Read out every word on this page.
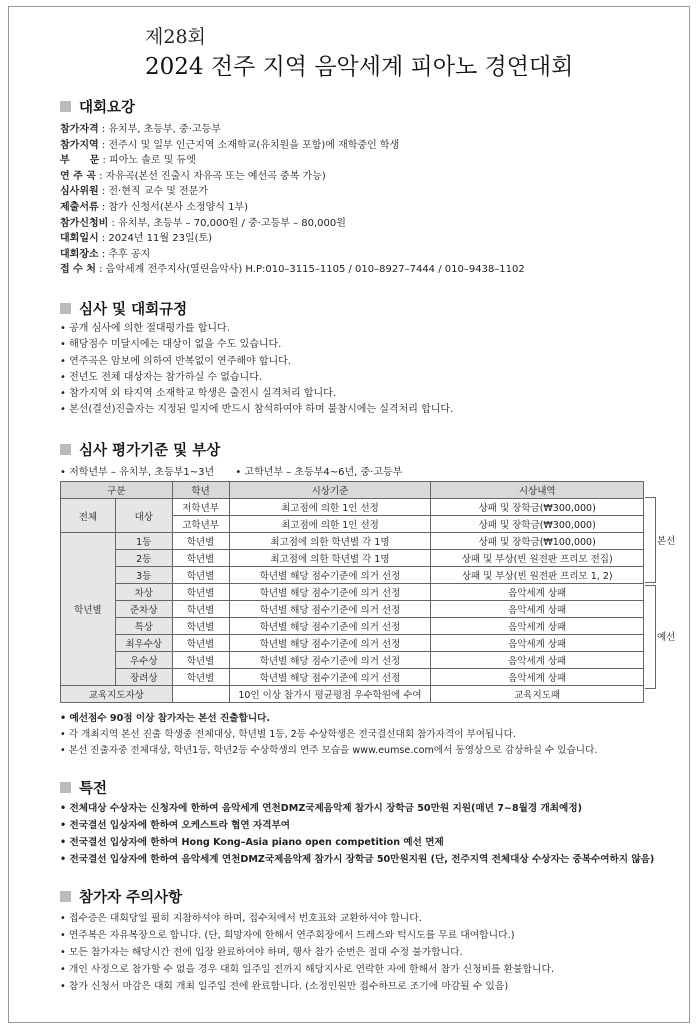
제28회
2024 전주 지역 음악세계 피아노 경연대회
대회요강
참가자격 : 유치부, 초등부, 중·고등부
참가지역 : 전주시 및 일부 인근지역 소재학교(유치원을 포함)에 재학중인 학생
부　　문 : 피아노 솔로 및 듀엣
연 주 곡 : 자유곡(본선 진출시 자유곡 또는 예선곡 중복 가능)
심사위원 : 전·현직 교수 및 전문가
제출서류 : 참가 신청서(본사 소정양식 1부)
참가신청비 : 유치부, 초등부 – 70,000원 / 중·고등부 – 80,000원
대회일시 : 2024년 11월 23일(토)
대회장소 : 추후 공지
접 수 처 : 음악세계 전주지사(열린음악사) H.P:010–3115–1105 / 010–8927–7444 / 010–9438–1102
심사 및 대회규정
• 공개 심사에 의한 절대평가를 합니다.
• 해당점수 미달시에는 대상이 없을 수도 있습니다.
• 연주곡은 암보에 의하여 반복없이 연주해야 합니다.
• 전년도 전체 대상자는 참가하실 수 없습니다.
• 참가지역 외 타지역 소재학교 학생은 출전시 실격처리 합니다.
• 본선(결선)진출자는 지정된 일지에 반드시 참석하여야 하며 불참시에는 실격처리 합니다.
심사 평가기준 및 부상
• 저학년부 – 유치부, 초등부1~3년 • 고학년부 – 초등부4~6년, 중·고등부
구분		학년	시상기준	시상내역
전체	대상	저학년부	최고점에 의한 1인 선정	상패 및 장학금(₩300,000)
		고학년부	최고점에 의한 1인 선정	상패 및 장학금(₩300,000)
학년별	1등	학년별	최고점에 의한 학년별 각 1명	상패 및 장학금(₩100,000)
	2등	학년별	최고점에 의한 학년별 각 1명	상패 및 부상(빈 원전판 프리모 전집)
	3등	학년별	학년별 해당 점수기준에 의거 선정	상패 및 부상(빈 원전판 프리모 1, 2)
	차상	학년별	학년별 해당 점수기준에 의거 선정	음악세계 상패
	준차상	학년별	학년별 해당 점수기준에 의거 선정	음악세계 상패
	특상	학년별	학년별 해당 점수기준에 의거 선정	음악세계 상패
	최우수상	학년별	학년별 해당 점수기준에 의거 선정	음악세계 상패
	우수상	학년별	학년별 해당 점수기준에 의거 선정	음악세계 상패
	장려상	학년별	학년별 해당 점수기준에 의거 선정	음악세계 상패
교육지도자상			10인 이상 참가시 평균평점 우수학원에 수여	교육지도패
본선
예선
• 예선점수 90점 이상 참가자는 본선 진출합니다.
• 각 개최지역 본선 진출 학생중 전체대상, 학년별 1등, 2등 수상학생은 전국결선대회 참가자격이 부여됩니다.
• 본선 진출자중 전체대상, 학년1등, 학년2등 수상학생의 연주 모습을 www.eumse.com에서 동영상으로 감상하실 수 있습니다.
특전
• 전체대상 수상자는 신청자에 한하여 음악세계 연천DMZ국제음악제 참가시 장학금 50만원 지원(매년 7~8월경 개최예정)
• 전국결선 입상자에 한하여 오케스트라 협연 자격부여
• 전국결선 입상자에 한하여 Hong Kong–Asia piano open competition 예선 면제
• 전국결선 입상자에 한하여 음악세계 연천DMZ국제음악제 참가시 장학금 50만원지원 (단, 전주지역 전체대상 수상자는 중복수여하지 않음)
참가자 주의사항
• 접수증은 대회당일 필히 지참하셔야 하며, 접수처에서 번호표와 교환하셔야 합니다.
• 연주복은 자유복장으로 합니다. (단, 희망자에 한해서 연주회장에서 드레스와 턱시도를 무료 대여합니다.)
• 모든 참가자는 해당시간 전에 입장 완료하여야 하며, 행사 참가 순번은 절대 수정 불가합니다.
• 개인 사정으로 참가할 수 없을 경우 대회 일주일 전까지 해당지사로 연락한 자에 한해서 참가 신청비를 환불합니다.
• 참가 신청서 마감은 대회 개최 일주일 전에 완료합니다. (소정인원만 접수하므로 조기에 마감될 수 있음)
